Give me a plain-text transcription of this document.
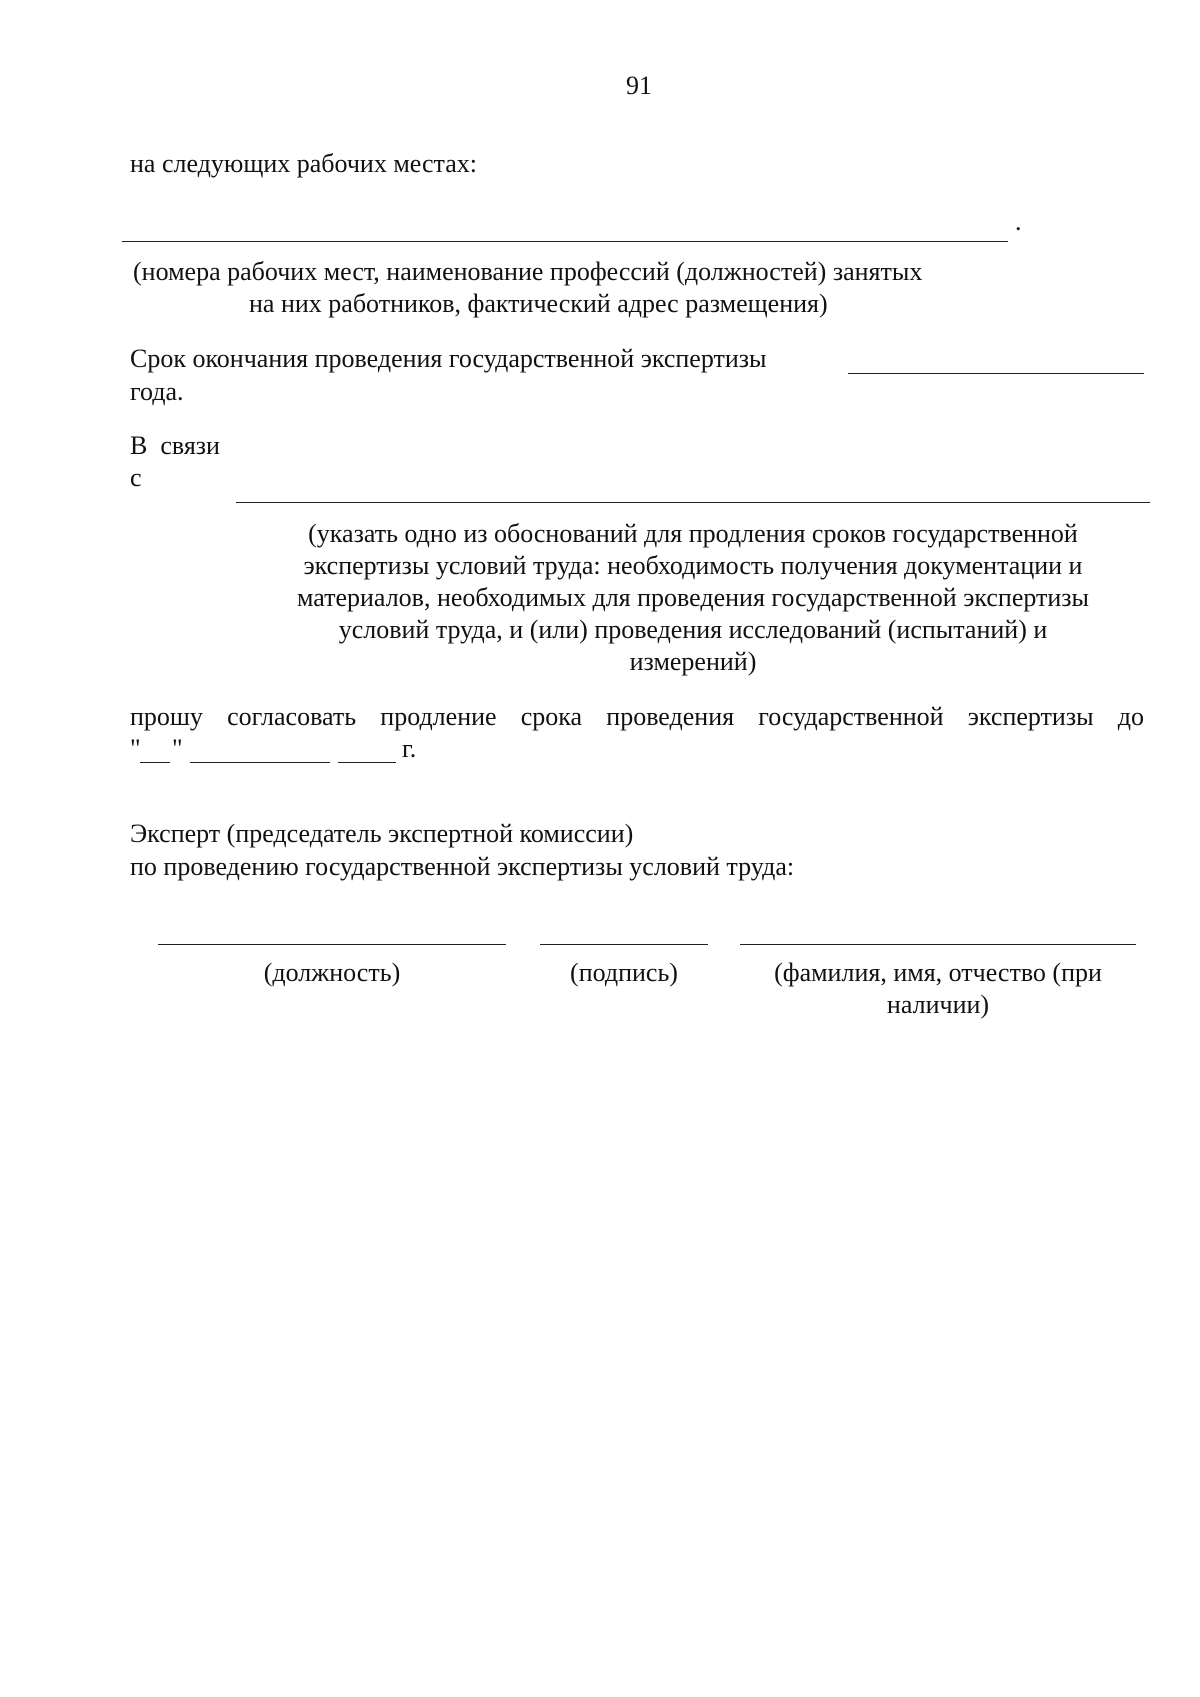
91
на следующих рабочих местах:
.
(номера рабочих мест, наименование профессий (должностей) занятых
на них работников, фактический адрес размещения)
Срок окончания проведения государственной экспертизы
года.
В  связи
с
(указать одно из обоснований для продления сроков государственной
экспертизы условий труда: необходимость получения документации и
материалов, необходимых для проведения государственной экспертизы
условий труда, и (или) проведения исследований (испытаний) и
измерений)
прошу согласовать продление срока проведения государственной экспертизы до
" "	г.
Эксперт (председатель экспертной комиссии)
по проведению государственной экспертизы условий труда:
(должность)	(подпись)	(фамилия, имя, отчество (при
наличии)
